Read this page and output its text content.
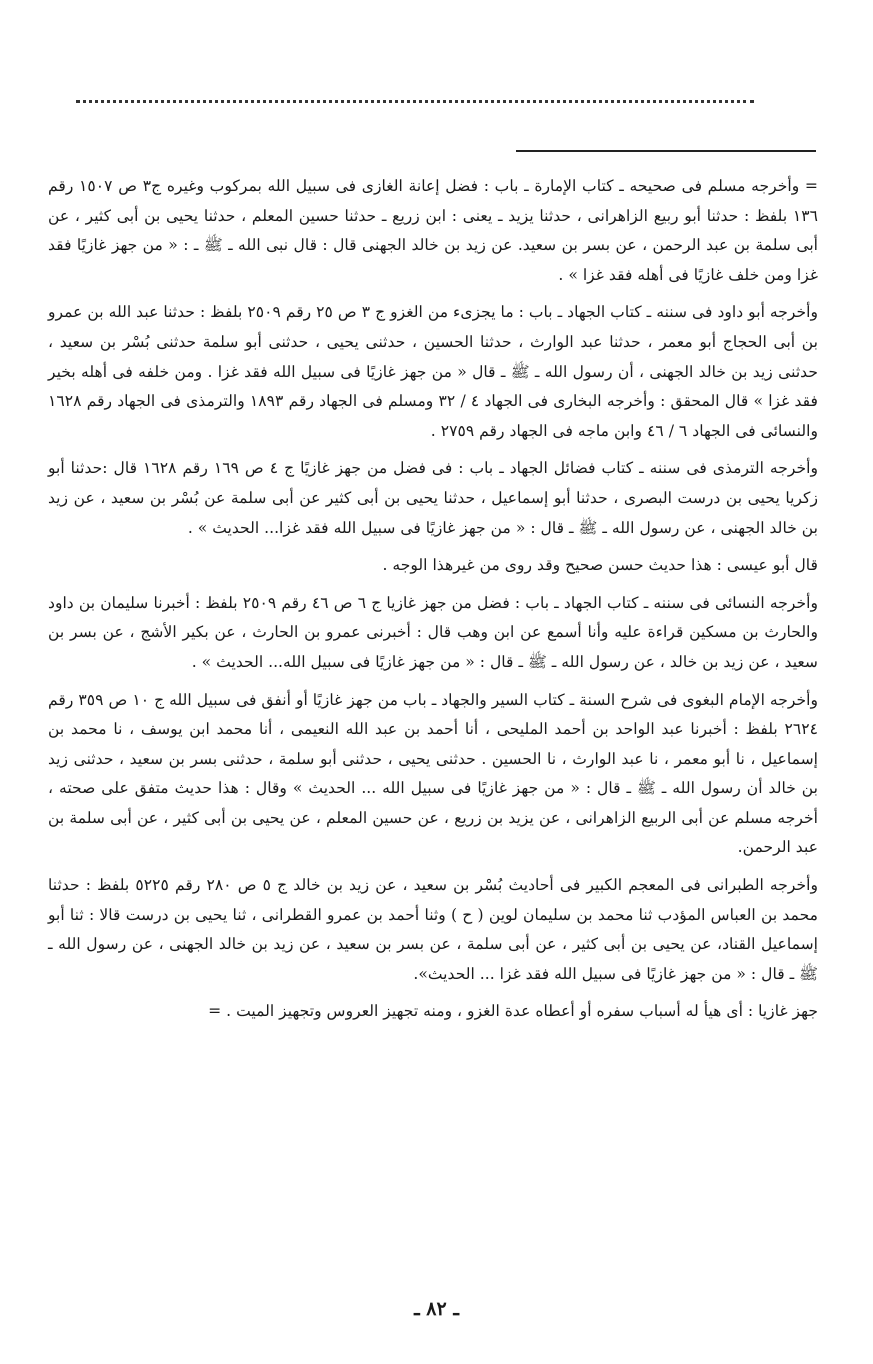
= وأخرجه مسلم فى صحيحه ـ كتاب الإمارة ـ باب : فضل إعانة الغازى فى سبيل الله بمركوب وغيره ج٣ ص ١٥٠٧ رقم ١٣٦ بلفظ : حدثنا أبو ربيع الزاهرانى ، حدثنا يزيد ـ يعنى : ابن زريع ـ حدثنا حسين المعلم ، حدثنا يحيى بن أبى كثير ، عن أبى سلمة بن عبد الرحمن ، عن بسر بن سعيد. عن زيد بن خالد الجهنى قال : قال نبى الله ـ ﷺ ـ : « من جهز غازيًا فقد غزا ومن خلف غازيًا فى أهله فقد غزا » .

وأخرجه أبو داود فى سننه ـ كتاب الجهاد ـ باب : ما يجزىء من الغزو ج ٣ ص ٢٥ رقم ٢٥٠٩ بلفظ : حدثنا عبد الله بن عمرو بن أبى الحجاج أبو معمر ، حدثنا عبد الوارث ، حدثنا الحسين ، حدثنى يحيى ، حدثنى أبو سلمة حدثنى بُسْر بن سعيد ، حدثنى زيد بن خالد الجهنى ، أن رسول الله ـ ﷺ ـ قال « من جهز غازيًا فى سبيل الله فقد غزا . ومن خلفه فى أهله بخير فقد غزا » قال المحقق : وأخرجه البخارى فى الجهاد ٤ / ٣٢ ومسلم فى الجهاد رقم ١٨٩٣ والترمذى فى الجهاد رقم ١٦٢٨ والنسائى فى الجهاد ٦ / ٤٦ وابن ماجه فى الجهاد رقم ٢٧٥٩ .

وأخرجه الترمذى فى سننه ـ كتاب فضائل الجهاد ـ باب : فى فضل من جهز غازيًا ج ٤ ص ١٦٩ رقم ١٦٢٨ قال :حدثنا أبو زكريا يحيى بن درست البصرى ، حدثنا أبو إسماعيل ، حدثنا يحيى بن أبى كثير عن أبى سلمة عن بُسْر بن سعيد ، عن زيد بن خالد الجهنى ، عن رسول الله ـ ﷺ ـ قال : « من جهز غازيًا فى سبيل الله فقد غزا... الحديث » .

قال أبو عيسى : هذا حديث حسن صحيح وقد روى من غيرهذا الوجه .

وأخرجه النسائى فى سننه ـ كتاب الجهاد ـ باب : فضل من جهز غازيا ج ٦ ص ٤٦ رقم ٢٥٠٩ بلفظ : أخبرنا سليمان بن داود والحارث بن مسكين قراءة عليه وأنا أسمع عن ابن وهب قال : أخبرنى عمرو بن الحارث ، عن بكير الأشج ، عن بسر بن سعيد ، عن زيد بن خالد ، عن رسول الله ـ ﷺ ـ قال : « من جهز غازيًا فى سبيل الله... الحديث » .

وأخرجه الإمام البغوى فى شرح السنة ـ كتاب السير والجهاد ـ باب من جهز غازيًا أو أنفق فى سبيل الله ج ١٠ ص ٣٥٩ رقم ٢٦٢٤ بلفظ : أخبرنا عبد الواحد بن أحمد المليحى ، أنا أحمد بن عبد الله النعيمى ، أنا محمد ابن يوسف ، نا محمد بن إسماعيل ، نا أبو معمر ، نا عبد الوارث ، نا الحسين . حدثنى يحيى ، حدثنى أبو سلمة ، حدثنى بسر بن سعيد ، حدثنى زيد بن خالد أن رسول الله ـ ﷺ ـ قال : « من جهز غازيًا فى سبيل الله ... الحديث » وقال : هذا حديث متفق على صحته ، أخرجه مسلم عن أبى الربيع الزاهرانى ، عن يزيد بن زريع ، عن حسين المعلم ، عن يحيى بن أبى كثير ، عن أبى سلمة بن عبد الرحمن.

وأخرجه الطبرانى فى المعجم الكبير فى أحاديث بُسْر بن سعيد ، عن زيد بن خالد ج ٥ ص ٢٨٠ رقم ٥٢٢٥ بلفظ : حدثنا محمد بن العباس المؤدب ثنا محمد بن سليمان لوين ( ح ) وثنا أحمد بن عمرو القطرانى ، ثنا يحيى بن درست قالا : ثنا أبو إسماعيل القناد، عن يحيى بن أبى كثير ، عن أبى سلمة ، عن بسر بن سعيد ، عن زيد بن خالد الجهنى ، عن رسول الله ـ ﷺ ـ قال : « من جهز غازيًا فى سبيل الله فقد غزا ... الحديث».

جهز غازيا : أى هيأ له أسباب سفره أو أعطاه عدة الغزو ، ومنه تجهيز العروس وتجهيز الميت . =

ـ ٨٢ ـ
